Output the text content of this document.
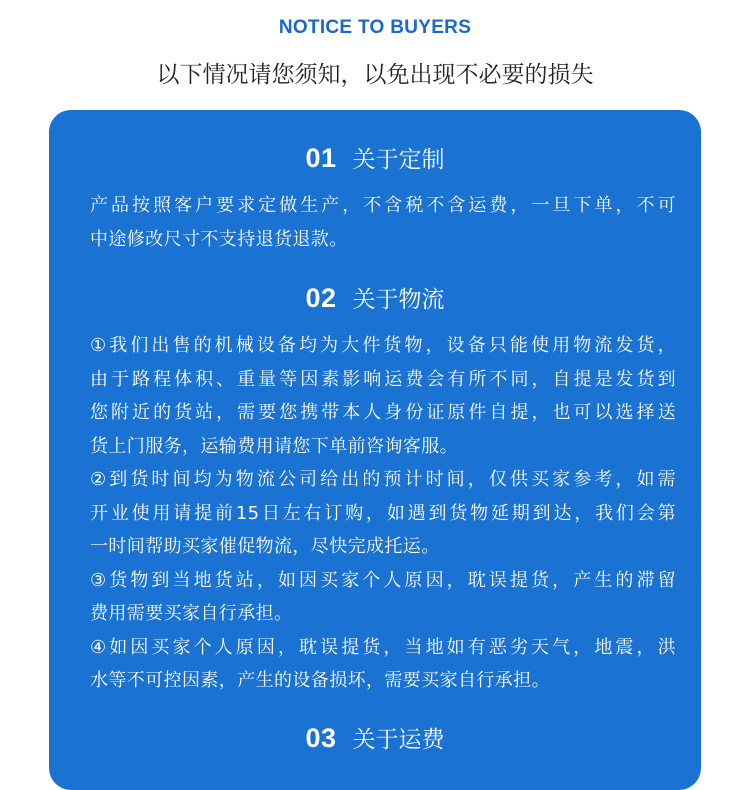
NOTICE TO BUYERS
以下情况请您须知，以免出现不必要的损失
01 关于定制
产品按照客户要求定做生产，不含税不含运费，一旦下单，不可
中途修改尺寸不支持退货退款。
02 关于物流
①我们出售的机械设备均为大件货物，设备只能使用物流发货，
由于路程体积、重量等因素影响运费会有所不同，自提是发货到
您附近的货站，需要您携带本人身份证原件自提，也可以选择送
货上门服务，运输费用请您下单前咨询客服。
②到货时间均为物流公司给出的预计时间，仅供买家参考，如需
开业使用请提前15日左右订购，如遇到货物延期到达，我们会第
一时间帮助买家催促物流，尽快完成托运。
③货物到当地货站，如因买家个人原因，耽误提货，产生的滞留
费用需要买家自行承担。
④如因买家个人原因，耽误提货，当地如有恶劣天气，地震，洪
水等不可控因素，产生的设备损坏，需要买家自行承担。
03 关于运费
